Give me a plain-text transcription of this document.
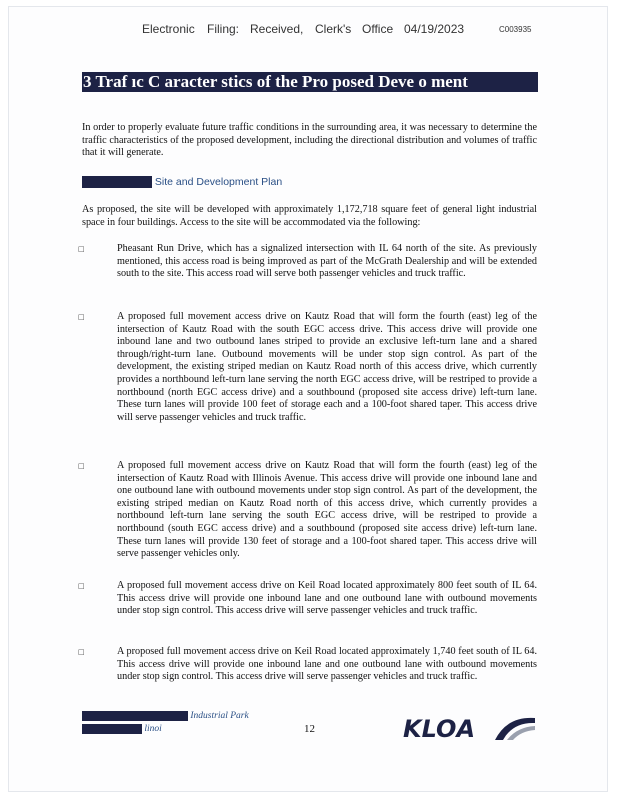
Electronic Filing: Received, Clerk's Office 04/19/2023	C003935
3 Traf ıc C aracter stics of the Pro posed Deve o ment

In order to properly evaluate future traffic conditions in the surrounding area, it was necessary to determine the traffic characteristics of the proposed development, including the directional distribution and volumes of traffic that it will generate.

Site and Development Plan

As proposed, the site will be developed with approximately 1,172,718 square feet of general light industrial space in four buildings. Access to the site will be accommodated via the following:

□	Pheasant Run Drive, which has a signalized intersection with IL 64 north of the site. As previously mentioned, this access road is being improved as part of the McGrath Dealership and will be extended south to the site. This access road will serve both passenger vehicles and truck traffic.

□	A proposed full movement access drive on Kautz Road that will form the fourth (east) leg of the intersection of Kautz Road with the south EGC access drive. This access drive will provide one inbound lane and two outbound lanes striped to provide an exclusive left-turn lane and a shared through/right-turn lane. Outbound movements will be under stop sign control. As part of the development, the existing striped median on Kautz Road north of this access drive, which currently provides a northbound left-turn lane serving the north EGC access drive, will be restriped to provide a northbound (north EGC access drive) and a southbound (proposed site access drive) left-turn lane. These turn lanes will provide 100 feet of storage each and a 100-foot shared taper. This access drive will serve passenger vehicles and truck traffic.

□	A proposed full movement access drive on Kautz Road that will form the fourth (east) leg of the intersection of Kautz Road with Illinois Avenue. This access drive will provide one inbound lane and one outbound lane with outbound movements under stop sign control. As part of the development, the existing striped median on Kautz Road north of this access drive, which currently provides a northbound left-turn lane serving the south EGC access drive, will be restriped to provide a northbound (south EGC access drive) and a southbound (proposed site access drive) left-turn lane. These turn lanes will provide 130 feet of storage and a 100-foot shared taper. This access drive will serve passenger vehicles only.

□	A proposed full movement access drive on Keil Road located approximately 800 feet south of IL 64. This access drive will provide one inbound lane and one outbound lane with outbound movements under stop sign control. This access drive will serve passenger vehicles and truck traffic.

□	A proposed full movement access drive on Keil Road located approximately 1,740 feet south of IL 64. This access drive will provide one inbound lane and one outbound lane with outbound movements under stop sign control. This access drive will serve passenger vehicles and truck traffic.

Industrial Park
linoi	12	KLOA
